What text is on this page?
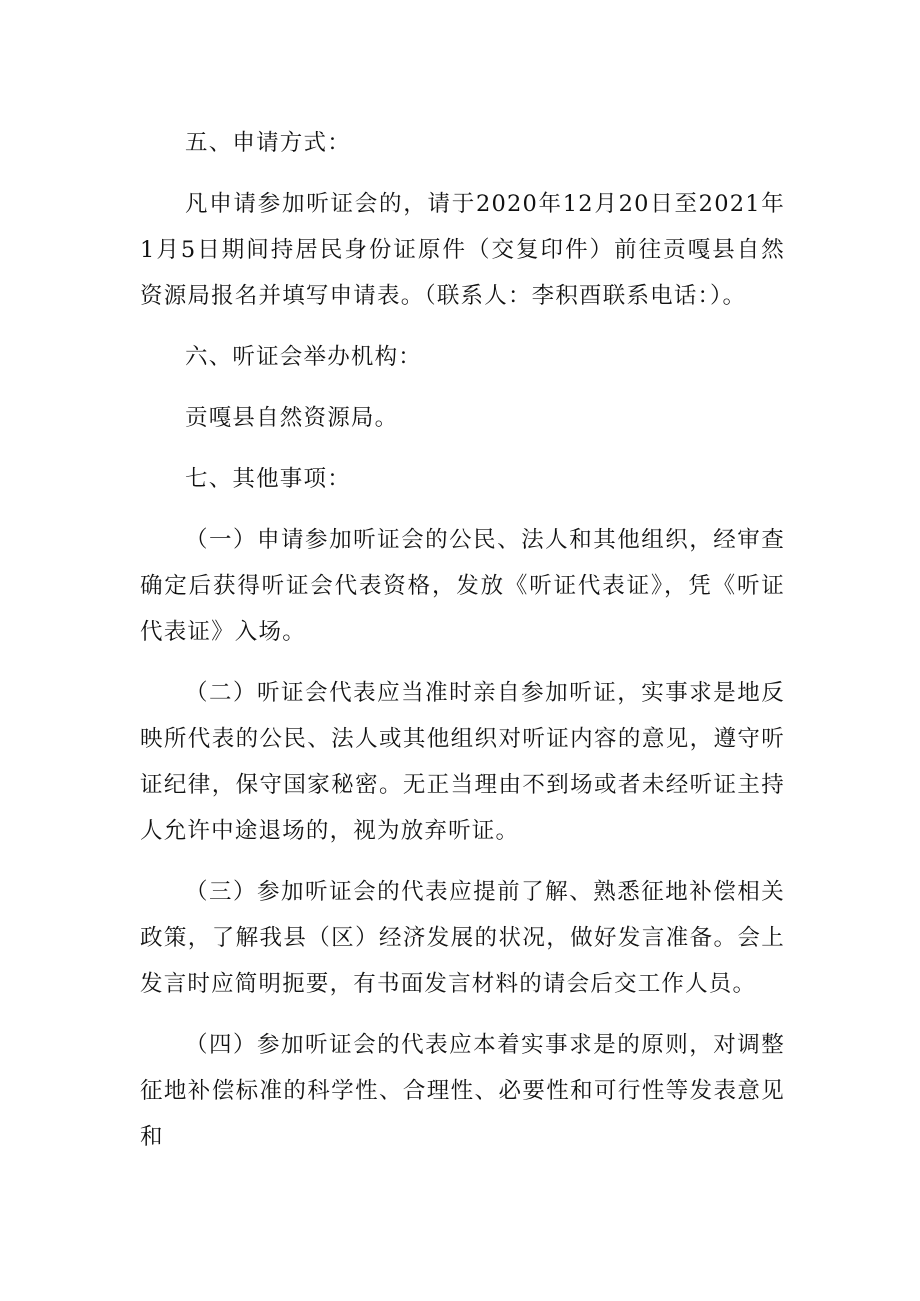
五、申请方式：

凡申请参加听证会的，请于2020年12月20日至2021年1月5日期间持居民身份证原件（交复印件）前往贡嘎县自然资源局报名并填写申请表。（联系人：李积酉联系电话：）。

六、听证会举办机构：

贡嘎县自然资源局。

七、其他事项：

（一）申请参加听证会的公民、法人和其他组织，经审查确定后获得听证会代表资格，发放《听证代表证》，凭《听证代表证》入场。

（二）听证会代表应当准时亲自参加听证，实事求是地反映所代表的公民、法人或其他组织对听证内容的意见，遵守听证纪律，保守国家秘密。无正当理由不到场或者未经听证主持人允许中途退场的，视为放弃听证。

（三）参加听证会的代表应提前了解、熟悉征地补偿相关政策，了解我县（区）经济发展的状况，做好发言准备。会上发言时应简明扼要，有书面发言材料的请会后交工作人员。

（四）参加听证会的代表应本着实事求是的原则，对调整征地补偿标准的科学性、合理性、必要性和可行性等发表意见和
